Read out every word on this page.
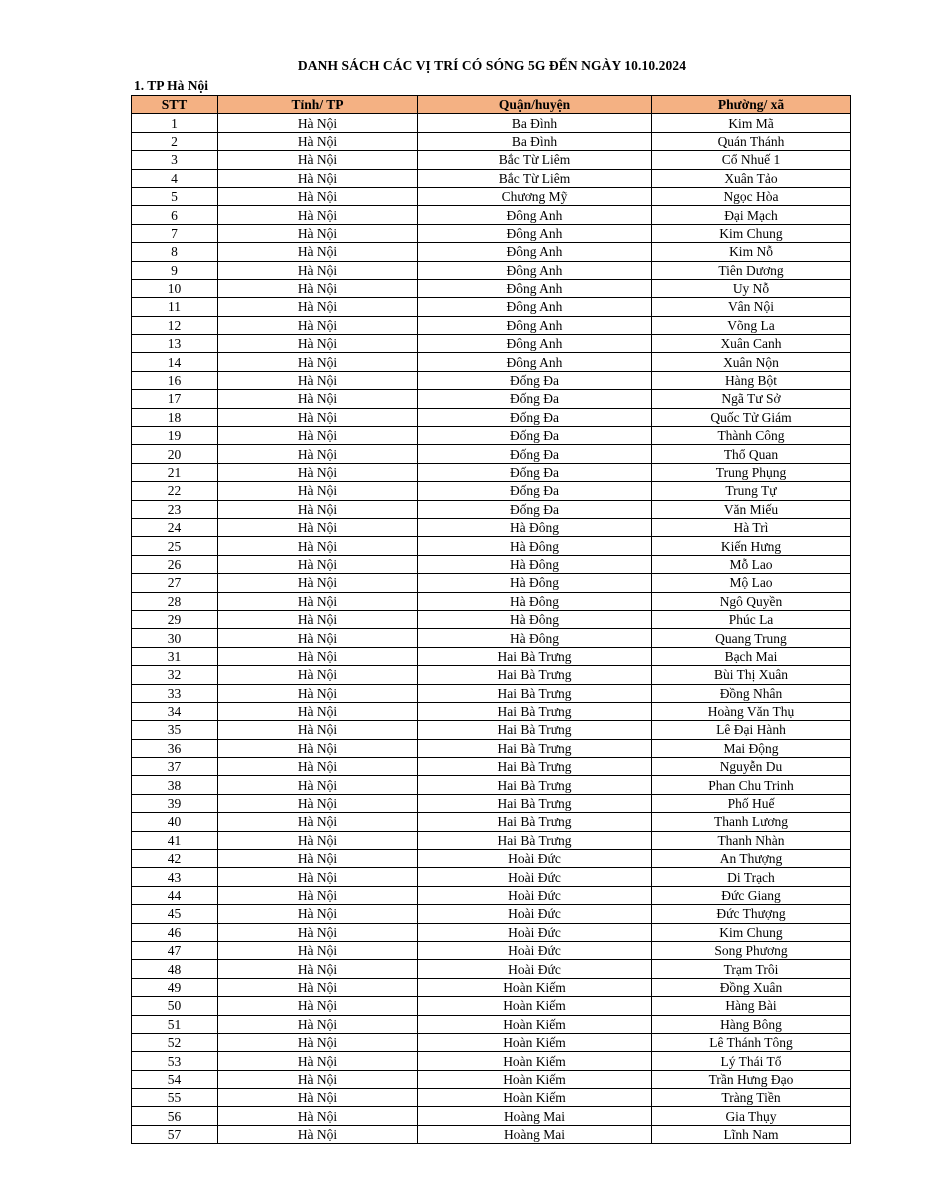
DANH SÁCH CÁC VỊ TRÍ CÓ SÓNG 5G ĐẾN NGÀY 10.10.2024
1. TP Hà Nội
STT	Tỉnh/ TP	Quận/huyện	Phường/ xã
1	Hà Nội	Ba Đình	Kim Mã
2	Hà Nội	Ba Đình	Quán Thánh
3	Hà Nội	Bắc Từ Liêm	Cổ Nhuế 1
4	Hà Nội	Bắc Từ Liêm	Xuân Tảo
5	Hà Nội	Chương Mỹ	Ngọc Hòa
6	Hà Nội	Đông Anh	Đại Mạch
7	Hà Nội	Đông Anh	Kim Chung
8	Hà Nội	Đông Anh	Kim Nỗ
9	Hà Nội	Đông Anh	Tiên Dương
10	Hà Nội	Đông Anh	Uy Nỗ
11	Hà Nội	Đông Anh	Vân Nội
12	Hà Nội	Đông Anh	Võng La
13	Hà Nội	Đông Anh	Xuân Canh
14	Hà Nội	Đông Anh	Xuân Nộn
16	Hà Nội	Đống Đa	Hàng Bột
17	Hà Nội	Đống Đa	Ngã Tư Sở
18	Hà Nội	Đống Đa	Quốc Tử Giám
19	Hà Nội	Đống Đa	Thành Công
20	Hà Nội	Đống Đa	Thổ Quan
21	Hà Nội	Đống Đa	Trung Phụng
22	Hà Nội	Đống Đa	Trung Tự
23	Hà Nội	Đống Đa	Văn Miếu
24	Hà Nội	Hà Đông	Hà Trì
25	Hà Nội	Hà Đông	Kiến Hưng
26	Hà Nội	Hà Đông	Mỗ Lao
27	Hà Nội	Hà Đông	Mộ Lao
28	Hà Nội	Hà Đông	Ngô Quyền
29	Hà Nội	Hà Đông	Phúc La
30	Hà Nội	Hà Đông	Quang Trung
31	Hà Nội	Hai Bà Trưng	Bạch Mai
32	Hà Nội	Hai Bà Trưng	Bùi Thị Xuân
33	Hà Nội	Hai Bà Trưng	Đồng Nhân
34	Hà Nội	Hai Bà Trưng	Hoàng Văn Thụ
35	Hà Nội	Hai Bà Trưng	Lê Đại Hành
36	Hà Nội	Hai Bà Trưng	Mai Động
37	Hà Nội	Hai Bà Trưng	Nguyễn Du
38	Hà Nội	Hai Bà Trưng	Phan Chu Trinh
39	Hà Nội	Hai Bà Trưng	Phố Huế
40	Hà Nội	Hai Bà Trưng	Thanh Lương
41	Hà Nội	Hai Bà Trưng	Thanh Nhàn
42	Hà Nội	Hoài Đức	An Thượng
43	Hà Nội	Hoài Đức	Di Trạch
44	Hà Nội	Hoài Đức	Đức Giang
45	Hà Nội	Hoài Đức	Đức Thượng
46	Hà Nội	Hoài Đức	Kim Chung
47	Hà Nội	Hoài Đức	Song Phương
48	Hà Nội	Hoài Đức	Trạm Trôi
49	Hà Nội	Hoàn Kiếm	Đồng Xuân
50	Hà Nội	Hoàn Kiếm	Hàng Bài
51	Hà Nội	Hoàn Kiếm	Hàng Bông
52	Hà Nội	Hoàn Kiếm	Lê Thánh Tông
53	Hà Nội	Hoàn Kiếm	Lý Thái Tổ
54	Hà Nội	Hoàn Kiếm	Trần Hưng Đạo
55	Hà Nội	Hoàn Kiếm	Tràng Tiền
56	Hà Nội	Hoàng Mai	Gia Thụy
57	Hà Nội	Hoàng Mai	Lĩnh Nam
